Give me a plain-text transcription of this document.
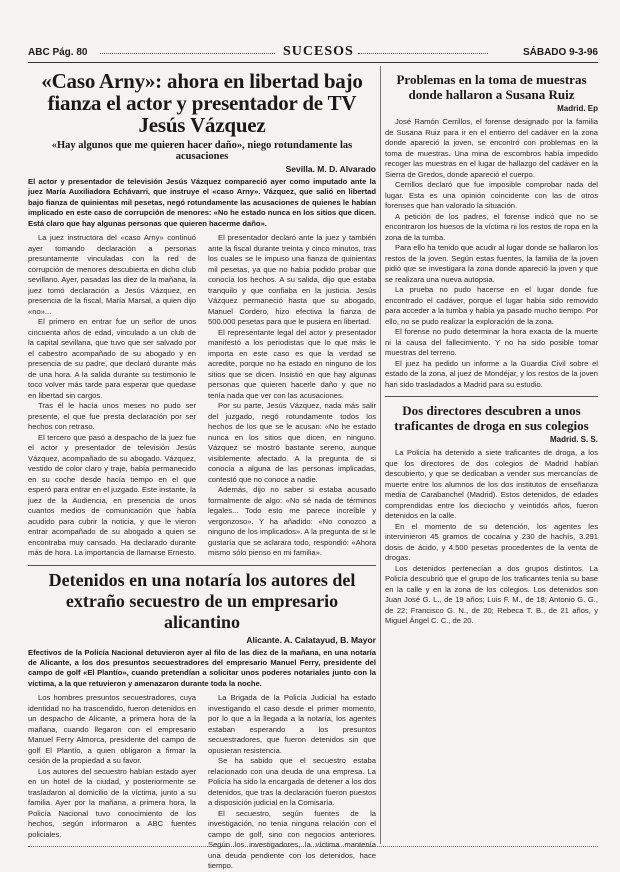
ABC Pág. 80	SUCESOS	SÁBADO 9-3-96
«Caso Arny»: ahora en libertad bajo fianza el actor y presentador de TV Jesús Vázquez
«Hay algunos que me quieren hacer daño», niego rotundamente las acusaciones
Sevilla. M. D. Alvarado
El actor y presentador de televisión Jesús Vázquez compareció ayer como imputado ante la juez María Auxiliadora Echávarri, que instruye el «caso Arny». Vázquez, que salió en libertad bajo fianza de quinientas mil pesetas, negó rotundamente las acusaciones de quienes le habían implicado en este caso de corrupción de menores: «No he estado nunca en los sitios que dicen. Está claro que hay algunas personas que quieren hacerme daño».

La juez instructora del «caso Arny» continuó ayer tomando declaración a personas presuntamente vinculadas con la red de corrupción de menores descubierta en dicho club sevillano. Ayer, pasadas las diez de la mañana, la juez tomó declaración a Jesús Vázquez, en presencia de la fiscal, María Marsal, a quien dijo «no»...

El primero en entrar fue un señor de unos cincuenta años de edad, vinculado a un club de la capital sevillana, que tuvo que ser salvado por el cabestro acompañado de su abogado y en presencia de su padre, que declaró durante más de una hora. A la salida durante su testimonio le toco volver más tarde para esperar que quedase en libertad sin cargos.

Tras él le hacía unos meses no pudo ser presente, el que fue presta declaración por ser hechos con retraso.

El tercero que pasó a despacho de la juez fue el actor y presentador de televisión Jesús Vázquez, acompañado de su abogado. Vázquez, vestido de color claro y traje, había permanecido en su coche desde hacía tiempo en el que esperó para entrar en el juzgado. Este instante, la juez de la Audiencia, en presencia de unos cuantos medios de comunicación que había acudido para cubrir la noticia, y que le vieron entrar acompañado de su abogado a quien se encontraba muy cansado. Ha declarado durante más de hora. La importancia de llamarse Ernesto.

El presentador declaró ante la juez y también ante la fiscal durante treinta y cinco minutos, tras los cuales se le impuso una fianza de quinientas mil pesetas, ya que no había podido probar que conocía los hechos. A su salida, dijo que estaba tranquilo y que confiaba en la justicia. Jesús Vázquez permaneció hasta que su abogado, Manuel Cordero, hizo efectiva la fianza de 500.000 pesetas para que le pusiera en libertad.

El representante legal del actor y presentador manifestó a los periodistas que lo que más le importa en este caso es que la verdad se acredite, porque no ha estado en ninguno de los sitios que se dicen. Insistió en que hay algunas personas que quieren hacerle daño y que no tenía nada que ver con las acusaciones.

Por su parte, Jesús Vázquez, nada más salir del juzgado, negó rotundamente todos los hechos de los que se le acusan: «No he estado nunca en los sitios que dicen, en ninguno. Vázquez se mostró bastante sereno, aunque visiblemente afectado. A la pregunta de si conocía a alguna de las personas implicadas, contestó que no conoce a nadie.

Además, dijo no saber si estaba acusado formalmente de algo: «No sé nada de términos legales... Todo esto me parece increíble y vergonzoso». Y ha añadido: «No conozco a ninguno de los implicados». A la pregunta de si le gustaría que se aclarara todo, respondió: «Ahora mismo sólo pienso en mi familia».

Detenidos en una notaría los autores del extraño secuestro de un empresario alicantino
Alicante. A. Calatayud, B. Mayor
Efectivos de la Policía Nacional detuvieron ayer al filo de las diez de la mañana, en una notaría de Alicante, a los dos presuntos secuestradores del empresario Manuel Ferry, presidente del campo de golf «El Plantío», cuando pretendían a solicitar unos poderes notariales junto con la víctima, a la que retuvieron y amenazaron durante toda la noche.

Los hombres presuntos secuestradores, cuya identidad no ha trascendido, fueron detenidos en un despacho de Alicante, a primera hora de la mañana, cuando llegaron con el empresario Manuel Ferry Almorca, presidente del campo de golf El Plantío, a quien obligaron a firmar la cesión de la propiedad a su favor.

Los autores del secuestro habían estado ayer en un hotel de la ciudad, y posteriormente se trasladaron al domicilio de la víctima, junto a su familia. Ayer por la mañana, a primera hora, la Policía Nacional tuvo conocimiento de los hechos, según informaron a ABC fuentes policiales.

La Brigada de la Policía Judicial ha estado investigando el caso desde el primer momento, por lo que a la llegada a la notaría, los agentes estaban esperando a los presuntos secuestradores, que fueron detenidos sin que opusieran resistencia.

Se ha sabido que el secuestro estaba relacionado con una deuda de una empresa. La Policía ha sido la encargada de detener a los dos detenidos, que tras la declaración fueron puestos a disposición judicial en la Comisaría.

El secuestro, según fuentes de la investigación, no tenía ninguna relación con el campo de golf, sino con negocios anteriores. Según los investigadores, la víctima mantenía una deuda pendiente con los detenidos, hace tiempo.

Problemas en la toma de muestras donde hallaron a Susana Ruiz
Madrid. Ep

José Ramón Cerrillos, el forense designado por la familia de Susana Ruiz para ir en el entierro del cadáver en la zona donde apareció la joven, se encontró con problemas en la toma de muestras. Una mina de escombros había impedido recoger las muestras en el lugar de hallazgo del cadáver en la Sierra de Gredos, donde apareció el cuerpo.

Cerrillos declaró que fue imposible comprobar nada del lugar. Esta es una opinión coincidente con las de otros forenses que han valorado la situación.

A petición de los padres, el forense indicó que no se encontraron los huesos de la víctima ni los restos de ropa en la zona de la tumba.

Para ello ha tenido que acudir al lugar donde se hallaron los restos de la joven. Según estas fuentes, la familia de la joven pidió que se investigara la zona donde apareció la joven y que se realizara una nueva autopsia.

La prueba no pudo hacerse en el lugar donde fue encontrado el cadáver, porque el lugar había sido removido para acceder a la tumba y había ya pasado mucho tiempo. Por ello, no se pudo realizar la exploración de la zona.

El forense no pudo determinar la hora exacta de la muerte ni la causa del fallecimiento. Y no ha sido posible tomar muestras del terreno.

El juez ha pedido un informe a la Guardia Civil sobre el estado de la zona, al juez de Mondéjar, y los restos de la joven han sido trasladados a Madrid para su estudio.

Dos directores descubren a unos traficantes de droga en sus colegios
Madrid. S. S.

La Policía ha detenido a siete traficantes de droga, a los que los directores de dos colegios de Madrid habían descubierto, y que se dedicaban a vender sus mercancías de muerte entre los alumnos de los dos institutos de enseñanza media de Carabanchel (Madrid). Estos detenidos, de edades comprendidas entre los dieciocho y veintidós años, fueron detenidos en la calle.

En el momento de su detención, los agentes les intervinieron 45 gramos de cocaína y 230 de hachís, 3.291 dosis de ácido, y 4.500 pesetas procedentes de la venta de drogas.

Los detenidos pertenecían a dos grupos distintos. La Policía descubrió que el grupo de los traficantes tenía su base en la calle y en la zona de los colegios. Los detenidos son Juan José G. L., de 19 años; Luis F. M., de 18; Antonio G. G., de 22; Francisco G. N., de 20; Rebeca T. B., de 21 años, y Miguel Ángel C. C., de 20.
